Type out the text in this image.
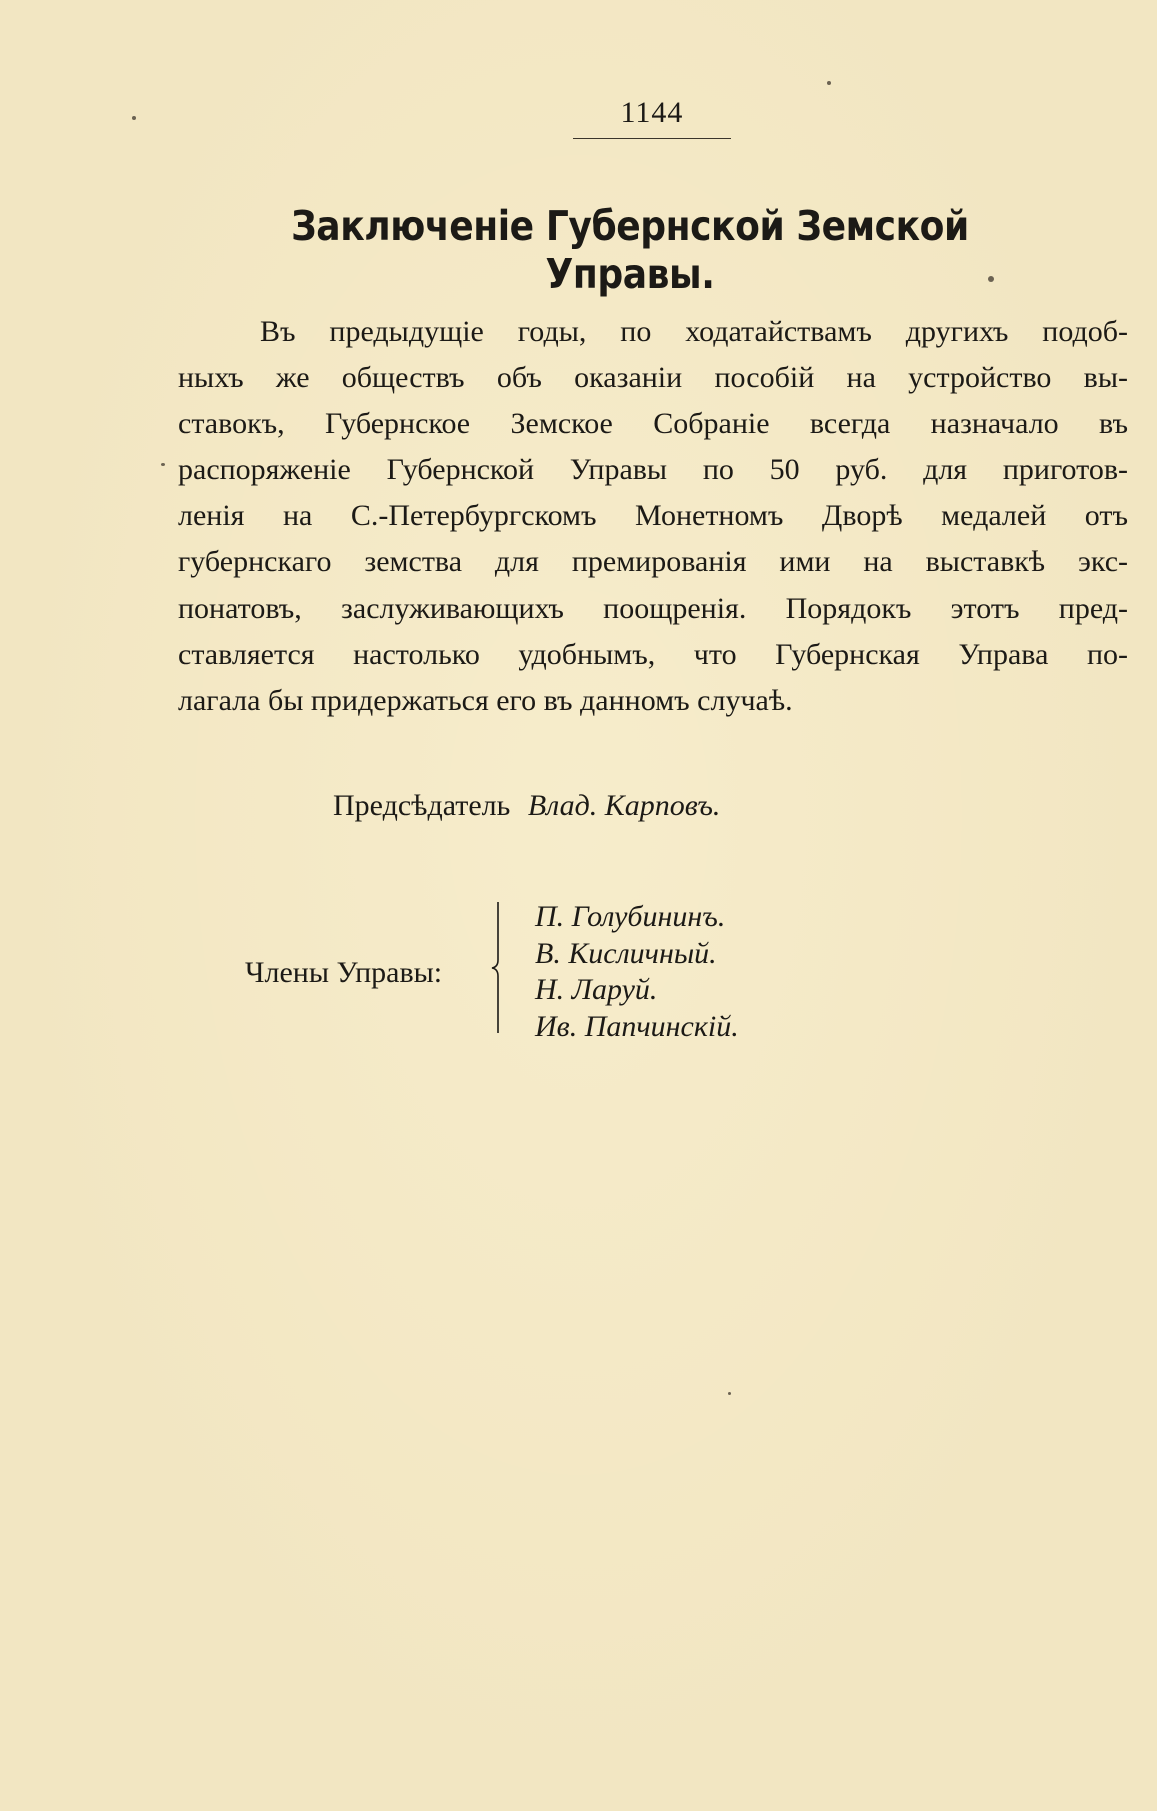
1144
Заключеніе Губернской Земской Управы.
Въ предыдущіе годы, по ходатайствамъ другихъ подоб-
ныхъ же обществъ объ оказаніи пособій на устройство вы-
ставокъ, Губернское Земское Собраніе всегда назначало въ
распоряженіе Губернской Управы по 50 руб. для приготов-
ленія на С.-Петербургскомъ Монетномъ Дворѣ медалей отъ
губернскаго земства для премированія ими на выставкѣ экс-
понатовъ, заслуживающихъ поощренія. Порядокъ этотъ пред-
ставляется настолько удобнымъ, что Губернская Управа по-
лагала бы придержаться его въ данномъ случаѣ.
Предсѣдатель Влад. Карповъ.
Члены Управы:
П. Голубининъ.
В. Кисличный.
Н. Ларуй.
Ив. Папчинскій.
